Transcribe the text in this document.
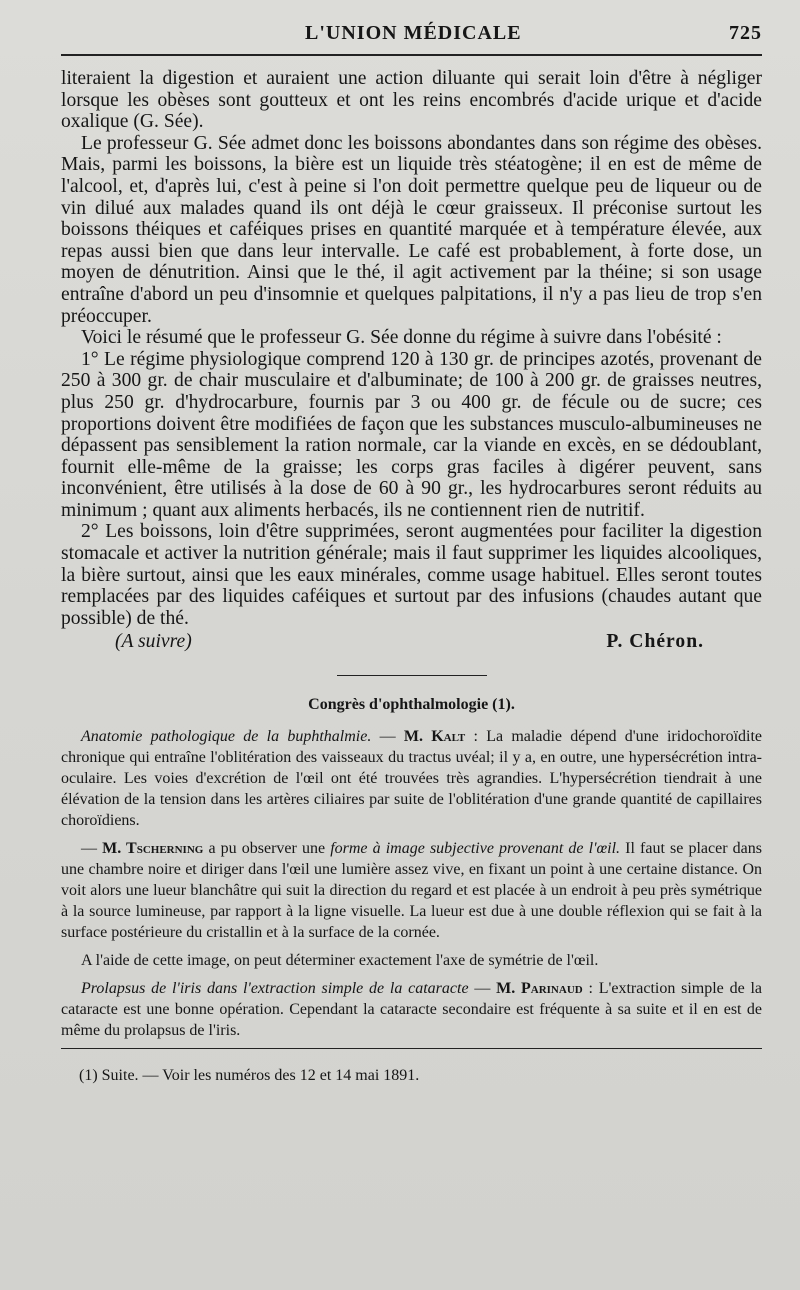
L'UNION MÉDICALE	725

literaient la digestion et auraient une action diluante qui serait loin d'être à négliger lorsque les obèses sont goutteux et ont les reins encombrés d'acide urique et d'acide oxalique (G. Sée).

Le professeur G. Sée admet donc les boissons abondantes dans son régime des obèses. Mais, parmi les boissons, la bière est un liquide très stéatogène; il en est de même de l'alcool, et, d'après lui, c'est à peine si l'on doit permettre quelque peu de liqueur ou de vin dilué aux malades quand ils ont déjà le cœur graisseux. Il préconise surtout les boissons théiques et caféiques prises en quantité marquée et à température élevée, aux repas aussi bien que dans leur intervalle. Le café est probablement, à forte dose, un moyen de dénutrition. Ainsi que le thé, il agit activement par la théine; si son usage entraîne d'abord un peu d'insomnie et quelques palpitations, il n'y a pas lieu de trop s'en préoccuper.

Voici le résumé que le professeur G. Sée donne du régime à suivre dans l'obésité :

1° Le régime physiologique comprend 120 à 130 gr. de principes azotés, provenant de 250 à 300 gr. de chair musculaire et d'albuminate; de 100 à 200 gr. de graisses neutres, plus 250 gr. d'hydrocarbure, fournis par 3 ou 400 gr. de fécule ou de sucre; ces proportions doivent être modifiées de façon que les substances musculo-albumineuses ne dépassent pas sensiblement la ration normale, car la viande en excès, en se dédoublant, fournit elle-même de la graisse; les corps gras faciles à digérer peuvent, sans inconvénient, être utilisés à la dose de 60 à 90 gr., les hydrocarbures seront réduits au minimum ; quant aux aliments herbacés, ils ne contiennent rien de nutritif.

2° Les boissons, loin d'être supprimées, seront augmentées pour faciliter la digestion stomacale et activer la nutrition générale; mais il faut supprimer les liquides alcooliques, la bière surtout, ainsi que les eaux minérales, comme usage habituel. Elles seront toutes remplacées par des liquides caféiques et surtout par des infusions (chaudes autant que possible) de thé.

(A suivre)	P. Chéron.
Congrès d'ophthalmologie (1).

Anatomie pathologique de la buphthalmie. — M. Kalt : La maladie dépend d'une iridochoroïdite chronique qui entraîne l'oblitération des vaisseaux du tractus uvéal; il y a, en outre, une hypersécrétion intra-oculaire. Les voies d'excrétion de l'œil ont été trouvées très agrandies. L'hypersécrétion tiendrait à une élévation de la tension dans les artères ciliaires par suite de l'oblitération d'une grande quantité de capillaires choroïdiens.

— M. Tscherning a pu observer une forme à image subjective provenant de l'œil. Il faut se placer dans une chambre noire et diriger dans l'œil une lumière assez vive, en fixant un point à une certaine distance. On voit alors une lueur blanchâtre qui suit la direction du regard et est placée à un endroit à peu près symétrique à la source lumineuse, par rapport à la ligne visuelle. La lueur est due à une double réflexion qui se fait à la surface postérieure du cristallin et à la surface de la cornée.

A l'aide de cette image, on peut déterminer exactement l'axe de symétrie de l'œil.

Prolapsus de l'iris dans l'extraction simple de la cataracte — M. Parinaud : L'extraction simple de la cataracte est une bonne opération. Cependant la cataracte secondaire est fréquente à sa suite et il en est de même du prolapsus de l'iris.

(1) Suite. — Voir les numéros des 12 et 14 mai 1891.
